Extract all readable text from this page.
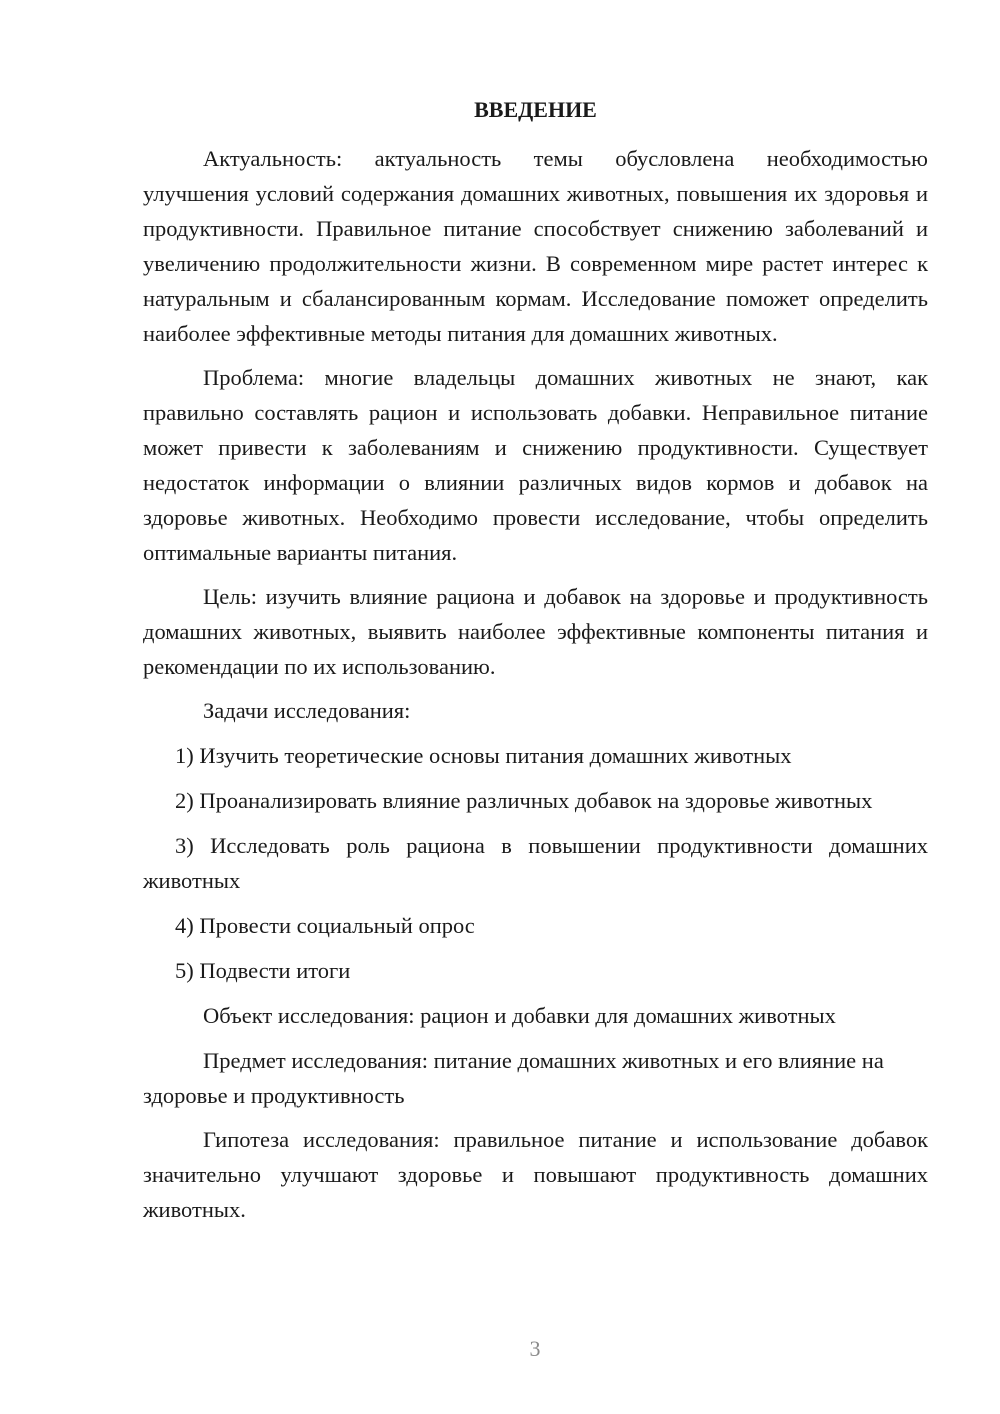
ВВЕДЕНИЕ

Актуальность: актуальность темы обусловлена необходимостью улучшения условий содержания домашних животных, повышения их здоровья и продуктивности. Правильное питание способствует снижению заболеваний и увеличению продолжительности жизни. В современном мире растет интерес к натуральным и сбалансированным кормам. Исследование поможет определить наиболее эффективные методы питания для домашних животных.

Проблема: многие владельцы домашних животных не знают, как правильно составлять рацион и использовать добавки. Неправильное питание может привести к заболеваниям и снижению продуктивности. Существует недостаток информации о влиянии различных видов кормов и добавок на здоровье животных. Необходимо провести исследование, чтобы определить оптимальные варианты питания.

Цель: изучить влияние рациона и добавок на здоровье и продуктивность домашних животных, выявить наиболее эффективные компоненты питания и рекомендации по их использованию.

Задачи исследования:

1) Изучить теоретические основы питания домашних животных

2) Проанализировать влияние различных добавок на здоровье животных

3) Исследовать роль рациона в повышении продуктивности домашних животных

4) Провести социальный опрос

5) Подвести итоги

Объект исследования: рацион и добавки для домашних животных

Предмет исследования: питание домашних животных и его влияние на здоровье и продуктивность

Гипотеза исследования: правильное питание и использование добавок значительно улучшают здоровье и повышают продуктивность домашних животных.

3
